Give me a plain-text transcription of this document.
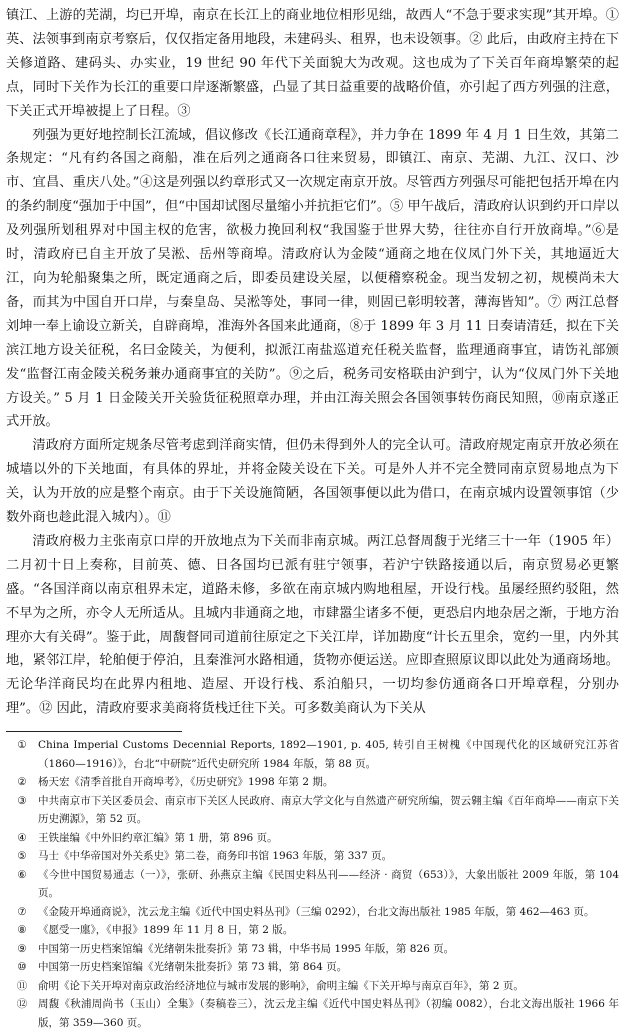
镇江、上游的芜湖，均已开埠，南京在长江上的商业地位相形见绌，故西人“不急于要求实现”其开埠。① 英、法领事到南京考察后，仅仅指定备用地段，未建码头、租界，也未设领事。② 此后，由政府主持在下关修道路、建码头、办实业，19 世纪 90 年代下关面貌大为改观。这也成为了下关百年商埠繁荣的起点，同时下关作为长江的重要口岸逐渐繁盛，凸显了其日益重要的战略价值，亦引起了西方列强的注意，下关正式开埠被提上了日程。③

列强为更好地控制长江流域，倡议修改《长江通商章程》，并力争在 1899 年 4 月 1 日生效，其第二条规定：“凡有约各国之商船，准在后列之通商各口往来贸易，即镇江、南京、芜湖、九江、汉口、沙市、宜昌、重庆八处。”④这是列强以约章形式又一次规定南京开放。尽管西方列强尽可能把包括开埠在内的条约制度“强加于中国”，但“中国却试图尽量缩小并抗拒它们”。⑤ 甲午战后，清政府认识到约开口岸以及列强所划租界对中国主权的危害，欲极力挽回利权“我国鉴于世界大势，往往亦自行开放商埠。”⑥是时，清政府已自主开放了吴淞、岳州等商埠。清政府认为金陵“通商之地在仪凤门外下关，其地逼近大江，向为轮船聚集之所，既定通商之后，即委员建设关屋，以便稽察税金。现当发轫之初，规模尚未大备，而其为中国自开口岸，与秦皇岛、吴淞等处，事同一律，则固已彰明较著，薄海皆知”。⑦ 两江总督刘坤一奉上谕设立新关，自辟商埠，准海外各国来此通商，⑧于 1899 年 3 月 11 日奏请清廷，拟在下关滨江地方设关征税，名曰金陵关，为便利，拟派江南盐巡道充任税关监督，监理通商事宜，请饬礼部颁发“监督江南金陵关税务兼办通商事宜的关防”。⑨之后，税务司安格联由沪到宁，认为“仪凤门外下关地方设关。” 5 月 1 日金陵关开关验货征税照章办理，并由江海关照会各国领事转伤商民知照，⑩南京遂正式开放。

清政府方面所定规条尽管考虑到洋商实情，但仍未得到外人的完全认可。清政府规定南京开放必须在城墙以外的下关地面，有具体的界址，并将金陵关设在下关。可是外人并不完全赞同南京贸易地点为下关，认为开放的应是整个南京。由于下关设施简陋，各国领事便以此为借口，在南京城内设置领事馆（少数外商也趁此混入城内）。⑪

清政府极力主张南京口岸的开放地点为下关而非南京城。两江总督周馥于光绪三十一年（1905 年）二月初十日上奏称，目前英、德、日各国均已派有驻宁领事，若沪宁铁路接通以后，南京贸易必更繁盛。“各国洋商以南京租界未定，道路未修，多欲在南京城内购地租屋，开设行栈。虽屡经照约驳阻，然不早为之所，亦令人无所适从。且城内非通商之地，市肆嚣尘诸多不便，更恐启内地杂居之渐，于地方治理亦大有关碍”。鉴于此，周馥督同司道前往原定之下关江岸，详加勘度“计长五里余，宽约一里，内外其地，紧邻江岸，轮舶便于停泊，且秦淮河水路相通，货物亦便运送。应即查照原议即以此处为通商场地。无论华洋商民均在此界内租地、造屋、开设行栈、系泊船只，一切均参仿通商各口开埠章程，分别办理”。⑫ 因此，清政府要求美商将货栈迁往下关。可多数美商认为下关从

①	China Imperial Customs Decennial Reports, 1892—1901, p. 405, 转引自王树槐《中国现代化的区域研究江苏省（1860—1916）》，台北“中研院”近代史研究所 1984 年版，第 88 页。
②	杨天宏《清季首批自开商埠考》，《历史研究》1998 年第 2 期。
③	中共南京市下关区委员会、南京市下关区人民政府、南京大学文化与自然遗产研究所编，贺云翱主编《百年商埠——南京下关历史溯源》，第 52 页。
④	王铁崖编《中外旧约章汇编》第 1 册，第 896 页。
⑤	马士《中华帝国对外关系史》第二卷，商务印书馆 1963 年版，第 337 页。
⑥	《今世中国贸易通志（一）》，张研、孙燕京主编《民国史料丛刊——经济 · 商贸（653）》，大象出版社 2009 年版，第 104 页。
⑦	《金陵开埠通商说》，沈云龙主编《近代中国史料丛刊》（三编 0292），台北文海出版社 1985 年版，第 462—463 页。
⑧	《愿受一廛》，《申报》1899 年 11 月 8 日，第 2 版。
⑨	中国第一历史档案馆编《光绪朝朱批奏折》第 73 辑，中华书局 1995 年版，第 826 页。
⑩	中国第一历史档案馆编《光绪朝朱批奏折》第 73 辑，第 864 页。
⑪	俞明《论下关开埠对南京政治经济地位与城市发展的影响》，俞明主编《下关开埠与南京百年》，第 2 页。
⑫	周馥《秋浦周尚书（玉山）全集》（奏稿卷三），沈云龙主编《近代中国史料丛刊》（初编 0082），台北文海出版社 1966 年版，第 359—360 页。
